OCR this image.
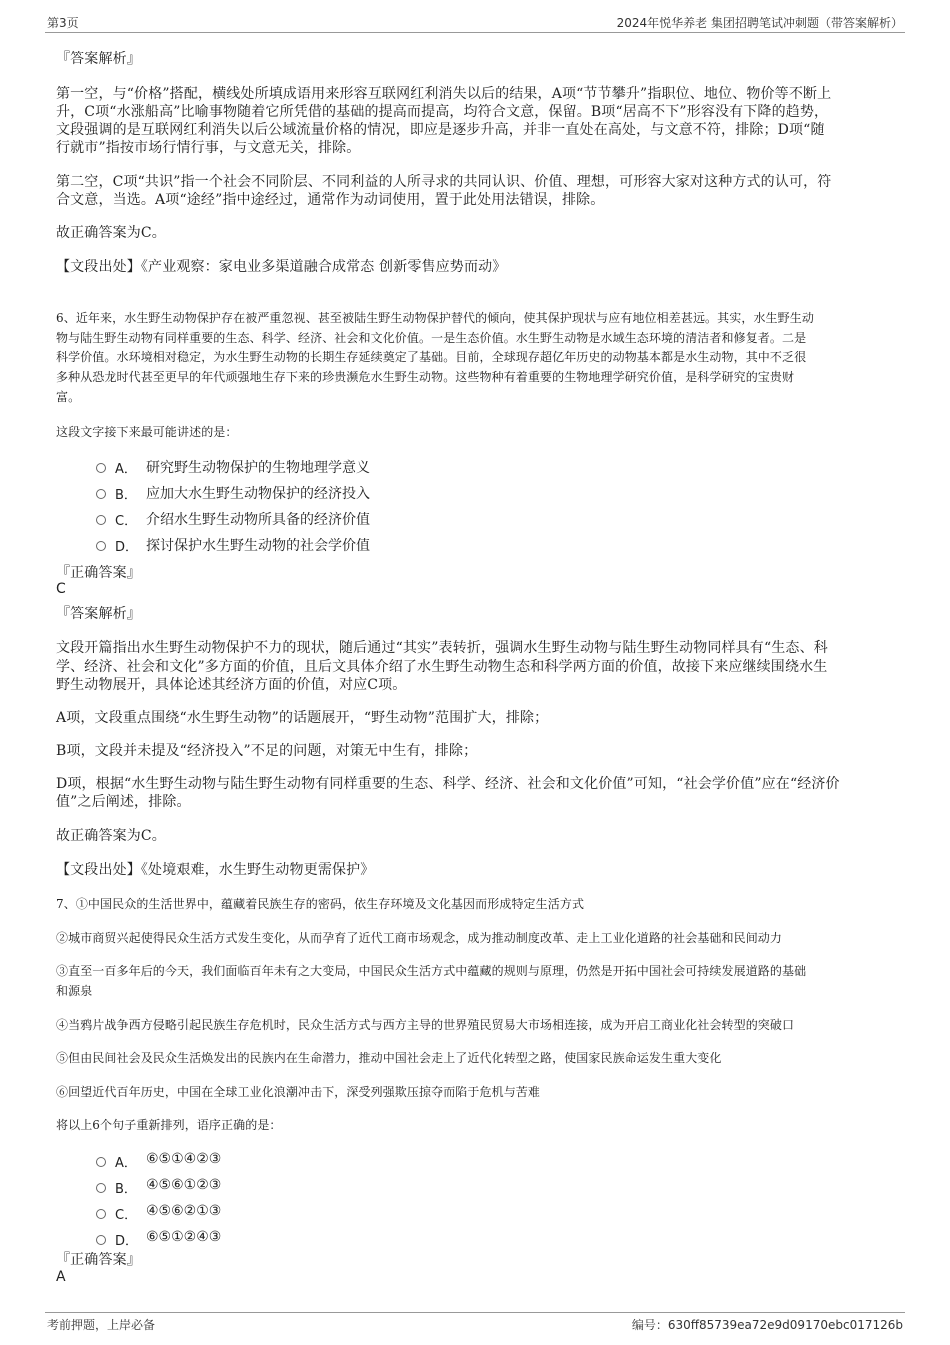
第3页	2024年悦华养老 集团招聘笔试冲刺题（带答案解析）
『答案解析』
第一空，与“价格”搭配，横线处所填成语用来形容互联网红利消失以后的结果，A项“节节攀升”指职位、地位、物价等不断上
升，C项“水涨船高”比喻事物随着它所凭借的基础的提高而提高，均符合文意，保留。B项“居高不下”形容没有下降的趋势，
文段强调的是互联网红利消失以后公域流量价格的情况，即应是逐步升高，并非一直处在高处，与文意不符，排除；D项“随
行就市”指按市场行情行事，与文意无关，排除。
第二空，C项“共识”指一个社会不同阶层、不同利益的人所寻求的共同认识、价值、理想，可形容大家对这种方式的认可，符
合文意，当选。A项“途经”指中途经过，通常作为动词使用，置于此处用法错误，排除。
故正确答案为C。
【文段出处】《产业观察：家电业多渠道融合成常态 创新零售应势而动》
6、近年来，水生野生动物保护存在被严重忽视、甚至被陆生野生动物保护替代的倾向，使其保护现状与应有地位相差甚远。其实，水生野生动
物与陆生野生动物有同样重要的生态、科学、经济、社会和文化价值。一是生态价值。水生野生动物是水域生态环境的清洁者和修复者。二是
科学价值。水环境相对稳定，为水生野生动物的长期生存延续奠定了基础。目前，全球现存超亿年历史的动物基本都是水生动物，其中不乏很
多种从恐龙时代甚至更早的年代顽强地生存下来的珍贵濒危水生野生动物。这些物种有着重要的生物地理学研究价值，是科学研究的宝贵财
富。
这段文字接下来最可能讲述的是：
A． 研究野生动物保护的生物地理学意义
B． 应加大水生野生动物保护的经济投入
C． 介绍水生野生动物所具备的经济价值
D． 探讨保护水生野生动物的社会学价值
『正确答案』
C
『答案解析』
文段开篇指出水生野生动物保护不力的现状，随后通过“其实”表转折，强调水生野生动物与陆生野生动物同样具有“生态、科
学、经济、社会和文化”多方面的价值，且后文具体介绍了水生野生动物生态和科学两方面的价值，故接下来应继续围绕水生
野生动物展开，具体论述其经济方面的价值，对应C项。
A项，文段重点围绕“水生野生动物”的话题展开，“野生动物”范围扩大，排除；
B项，文段并未提及“经济投入”不足的问题，对策无中生有，排除；
D项，根据“水生野生动物与陆生野生动物有同样重要的生态、科学、经济、社会和文化价值”可知，“社会学价值”应在“经济价
值”之后阐述，排除。
故正确答案为C。
【文段出处】《处境艰难，水生野生动物更需保护》
7、①中国民众的生活世界中，蕴藏着民族生存的密码，依生存环境及文化基因而形成特定生活方式
②城市商贸兴起使得民众生活方式发生变化，从而孕育了近代工商市场观念，成为推动制度改革、走上工业化道路的社会基础和民间动力
③直至一百多年后的今天，我们面临百年未有之大变局，中国民众生活方式中蕴藏的规则与原理，仍然是开拓中国社会可持续发展道路的基础
和源泉
④当鸦片战争西方侵略引起民族生存危机时，民众生活方式与西方主导的世界殖民贸易大市场相连接，成为开启工商业化社会转型的突破口
⑤但由民间社会及民众生活焕发出的民族内在生命潜力，推动中国社会走上了近代化转型之路，使国家民族命运发生重大变化
⑥回望近代百年历史，中国在全球工业化浪潮冲击下，深受列强欺压掠夺而陷于危机与苦难
将以上6个句子重新排列，语序正确的是：
A． ⑥⑤①④②③
B． ④⑤⑥①②③
C． ④⑤⑥②①③
D． ⑥⑤①②④③
『正确答案』
A
考前押题，上岸必备	编号：630ff85739ea72e9d09170ebc017126b
